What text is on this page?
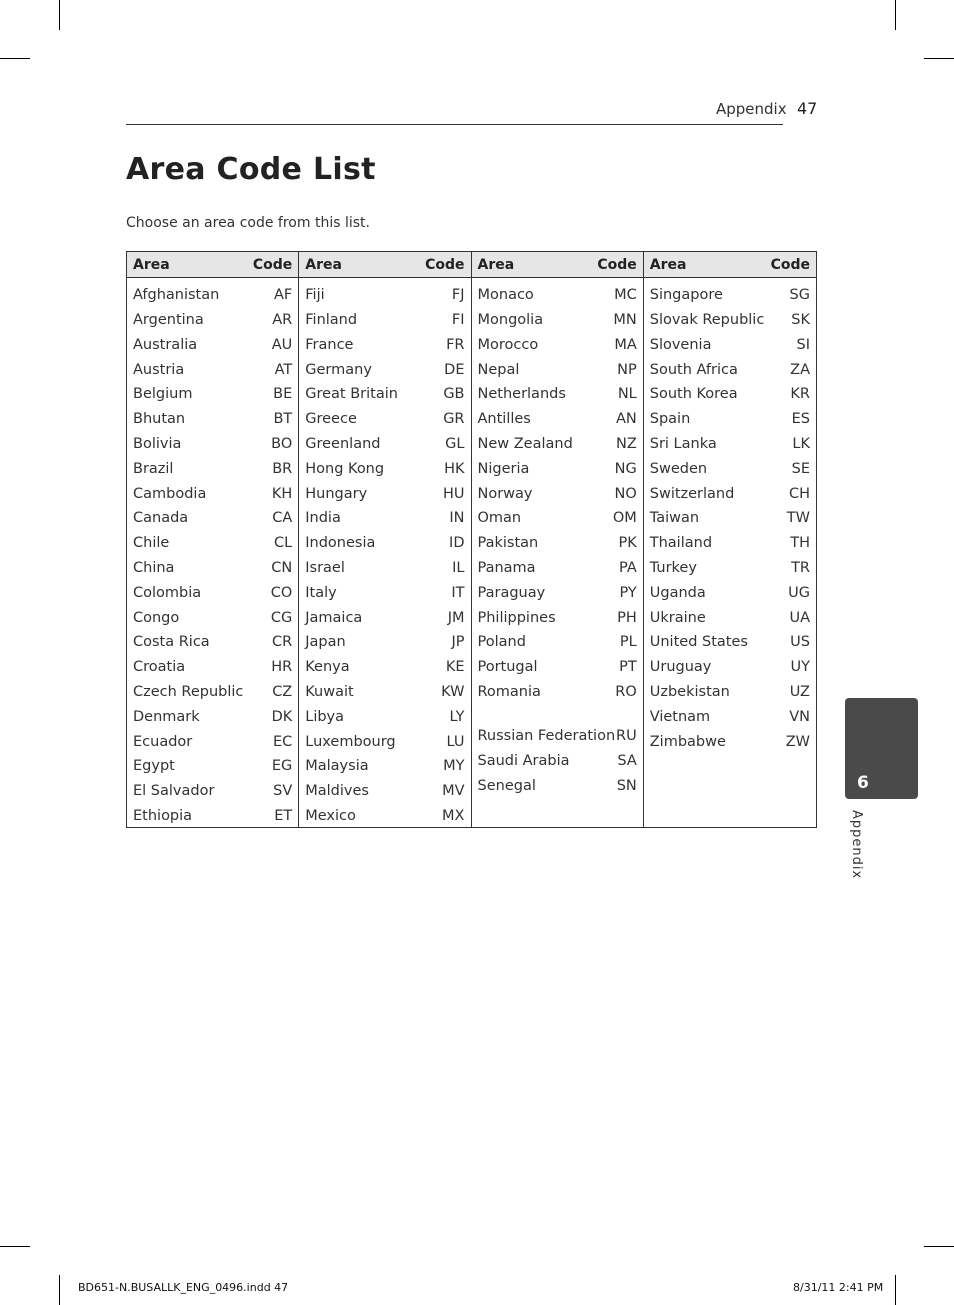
Appendix 47
Area Code List
Choose an area code from this list.
Area	Code
Afghanistan	AF
Argentina	AR
Australia	AU
Austria	AT
Belgium	BE
Bhutan	BT
Bolivia	BO
Brazil	BR
Cambodia	KH
Canada	CA
Chile	CL
China	CN
Colombia	CO
Congo	CG
Costa Rica	CR
Croatia	HR
Czech Republic	CZ
Denmark	DK
Ecuador	EC
Egypt	EG
El Salvador	SV
Ethiopia	ET
Area	Code
Fiji	FJ
Finland	FI
France	FR
Germany	DE
Great Britain	GB
Greece	GR
Greenland	GL
Hong Kong	HK
Hungary	HU
India	IN
Indonesia	ID
Israel	IL
Italy	IT
Jamaica	JM
Japan	JP
Kenya	KE
Kuwait	KW
Libya	LY
Luxembourg	LU
Malaysia	MY
Maldives	MV
Mexico	MX
Area	Code
Monaco	MC
Mongolia	MN
Morocco	MA
Nepal	NP
Netherlands	NL
Antilles	AN
New Zealand	NZ
Nigeria	NG
Norway	NO
Oman	OM
Pakistan	PK
Panama	PA
Paraguay	PY
Philippines	PH
Poland	PL
Portugal	PT
Romania	RO
Russian Federation RU
Saudi Arabia	SA
Senegal	SN
Area	Code
Singapore	SG
Slovak Republic	SK
Slovenia	SI
South Africa	ZA
South Korea	KR
Spain	ES
Sri Lanka	LK
Sweden	SE
Switzerland	CH
Taiwan	TW
Thailand	TH
Turkey	TR
Uganda	UG
Ukraine	UA
United States	US
Uruguay	UY
Uzbekistan	UZ
Vietnam	VN
Zimbabwe	ZW
6
Appendix
BD651-N.BUSALLK_ENG_0496.indd 47	8/31/11 2:41 PM
